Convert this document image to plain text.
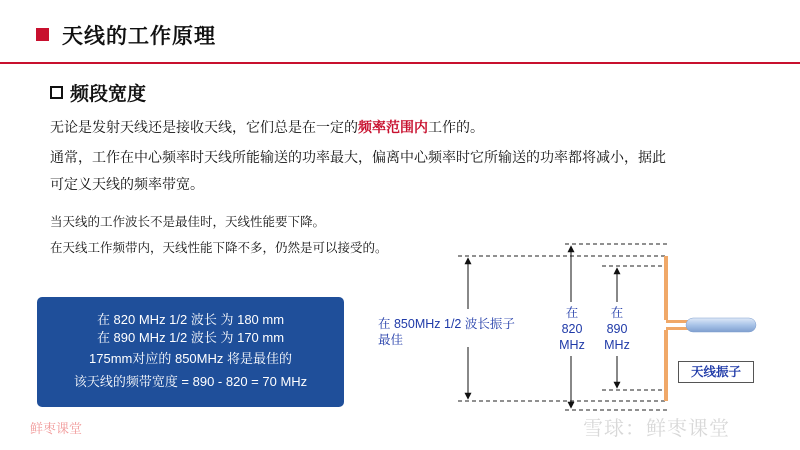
天线的工作原理
频段宽度
无论是发射天线还是接收天线，它们总是在一定的频率范围内工作的。
通常，工作在中心频率时天线所能输送的功率最大，偏离中心频率时它所输送的功率都将减小，据此
可定义天线的频率带宽。
当天线的工作波长不是最佳时，天线性能要下降。
在天线工作频带内，天线性能下降不多，仍然是可以接受的。
在 820 MHz 1/2 波长 为 180 mm
在 890 MHz 1/2 波长 为 170 mm
175mm对应的 850MHz 将是最佳的
该天线的频带宽度 = 890 - 820 = 70 MHz
在 850MHz 1/2 波长振子
最佳
在
820
MHz
在
890
MHz
天线振子
鲜枣课堂	雪球：鲜枣课堂
